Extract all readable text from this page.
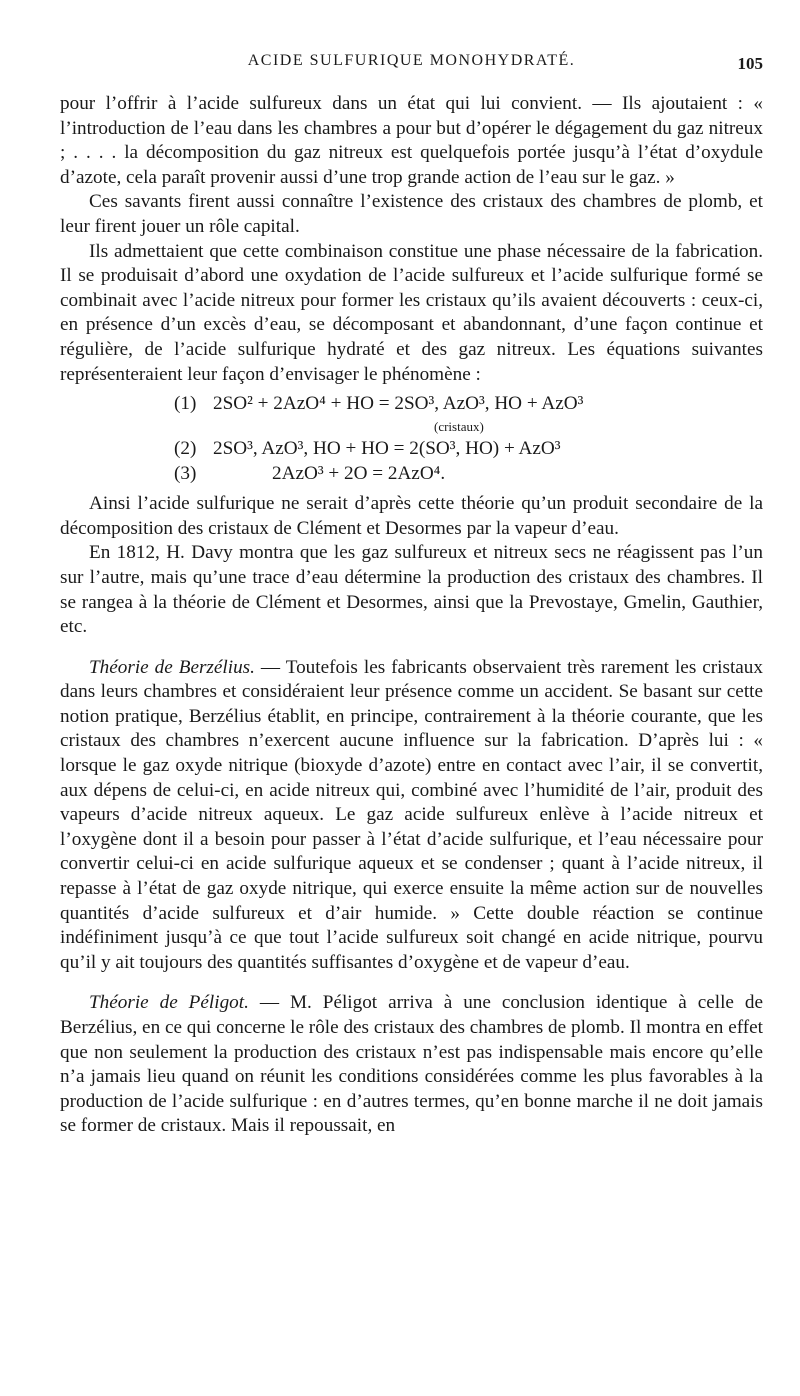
ACIDE SULFURIQUE MONOHYDRATÉ.	105

pour l’offrir à l’acide sulfureux dans un état qui lui convient. — Ils ajoutaient : « l’introduction de l’eau dans les chambres a pour but d’opérer le dégagement du gaz nitreux ; . . . . la décomposition du gaz nitreux est quelquefois portée jusqu’à l’état d’oxydule d’azote, cela paraît provenir aussi d’une trop grande action de l’eau sur le gaz. »

Ces savants firent aussi connaître l’existence des cristaux des chambres de plomb, et leur firent jouer un rôle capital.

Ils admettaient que cette combinaison constitue une phase nécessaire de la fabrication. Il se produisait d’abord une oxydation de l’acide sulfureux et l’acide sulfurique formé se combinait avec l’acide nitreux pour former les cristaux qu’ils avaient découverts : ceux-ci, en présence d’un excès d’eau, se décomposant et abandonnant, d’une façon continue et régulière, de l’acide sulfurique hydraté et des gaz nitreux. Les équations suivantes représenteraient leur façon d’envisager le phénomène :

(1) 2SO² + 2AzO⁴ + HO = 2SO³, AzO³, HO + AzO³
(cristaux)
(2) 2SO³, AzO³, HO + HO = 2(SO³, HO) + AzO³
(3)	2AzO³ + 2O = 2AzO⁴.

Ainsi l’acide sulfurique ne serait d’après cette théorie qu’un produit secondaire de la décomposition des cristaux de Clément et Desormes par la vapeur d’eau.

En 1812, H. Davy montra que les gaz sulfureux et nitreux secs ne réagissent pas l’un sur l’autre, mais qu’une trace d’eau détermine la production des cristaux des chambres. Il se rangea à la théorie de Clément et Desormes, ainsi que la Prevostaye, Gmelin, Gauthier, etc.

Théorie de Berzélius. — Toutefois les fabricants observaient très rarement les cristaux dans leurs chambres et considéraient leur présence comme un accident. Se basant sur cette notion pratique, Berzélius établit, en principe, contrairement à la théorie courante, que les cristaux des chambres n’exercent aucune influence sur la fabrication. D’après lui : « lorsque le gaz oxyde nitrique (bioxyde d’azote) entre en contact avec l’air, il se convertit, aux dépens de celui-ci, en acide nitreux qui, combiné avec l’humidité de l’air, produit des vapeurs d’acide nitreux aqueux. Le gaz acide sulfureux enlève à l’acide nitreux et l’oxygène dont il a besoin pour passer à l’état d’acide sulfurique, et l’eau nécessaire pour convertir celui-ci en acide sulfurique aqueux et se condenser ; quant à l’acide nitreux, il repasse à l’état de gaz oxyde nitrique, qui exerce ensuite la même action sur de nouvelles quantités d’acide sulfureux et d’air humide. » Cette double réaction se continue indéfiniment jusqu’à ce que tout l’acide sulfureux soit changé en acide nitrique, pourvu qu’il y ait toujours des quantités suffisantes d’oxygène et de vapeur d’eau.

Théorie de Péligot. — M. Péligot arriva à une conclusion identique à celle de Berzélius, en ce qui concerne le rôle des cristaux des chambres de plomb. Il montra en effet que non seulement la production des cristaux n’est pas indispensable mais encore qu’elle n’a jamais lieu quand on réunit les conditions considérées comme les plus favorables à la production de l’acide sulfurique : en d’autres termes, qu’en bonne marche il ne doit jamais se former de cristaux. Mais il repoussait, en
